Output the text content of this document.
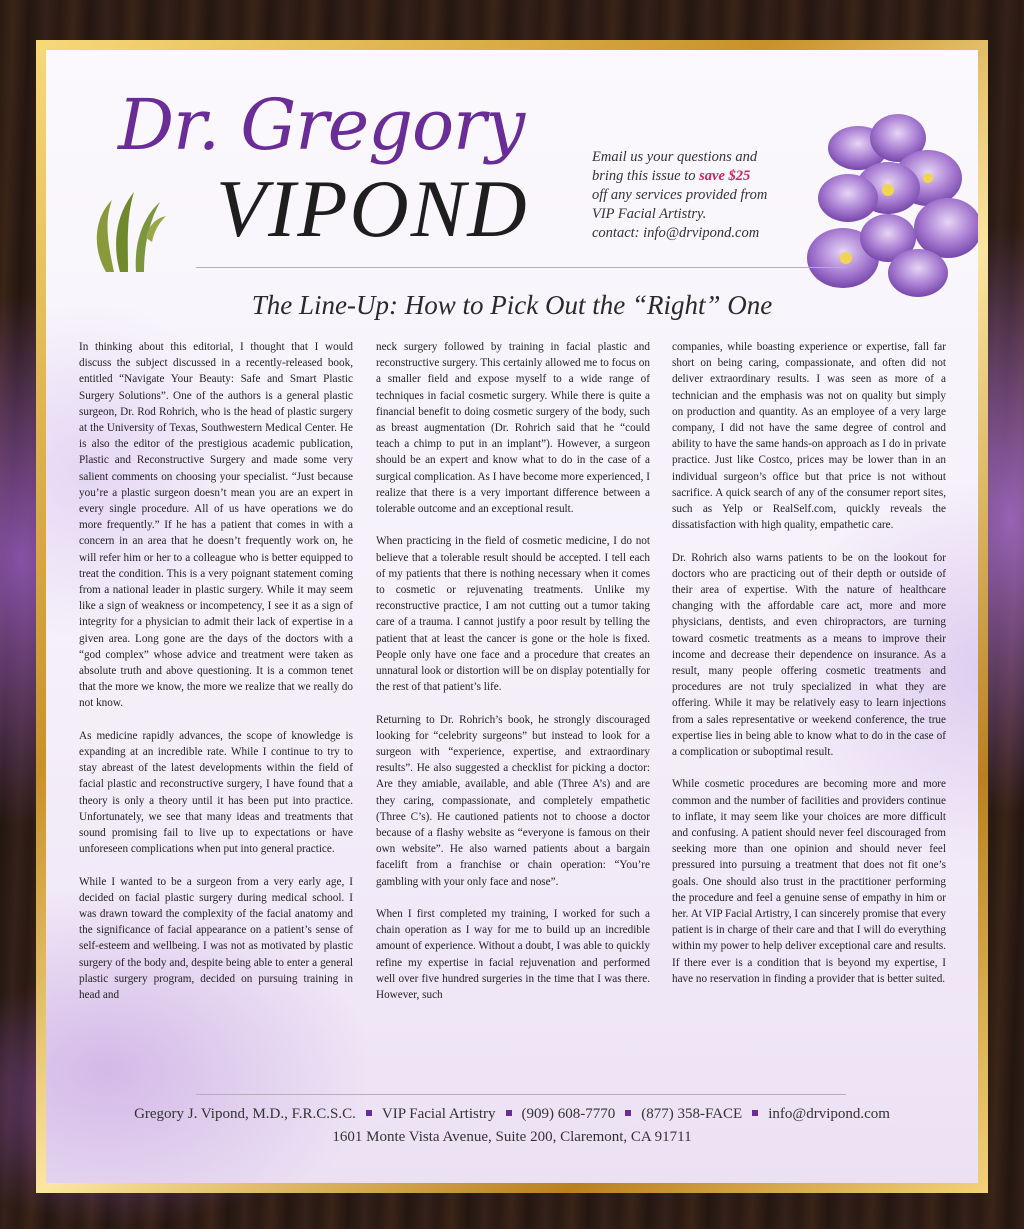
Dr. Gregory
VIPOND
Email us your questions and
bring this issue to save $25
off any services provided from
VIP Facial Artistry.
contact: info@drvipond.com
The Line-Up: How to Pick Out the “Right” One

In thinking about this editorial, I thought that I would discuss the subject discussed in a recently-released book, entitled “Navigate Your Beauty: Safe and Smart Plastic Surgery Solutions”. One of the authors is a general plastic surgeon, Dr. Rod Rohrich, who is the head of plastic surgery at the University of Texas, Southwestern Medical Center. He is also the editor of the prestigious academic publication, Plastic and Reconstructive Surgery and made some very salient comments on choosing your specialist. “Just because you’re a plastic surgeon doesn’t mean you are an expert in every single procedure. All of us have operations we do more frequently.” If he has a patient that comes in with a concern in an area that he doesn’t frequently work on, he will refer him or her to a colleague who is better equipped to treat the condition. This is a very poignant statement coming from a national leader in plastic surgery. While it may seem like a sign of weakness or incompetency, I see it as a sign of integrity for a physician to admit their lack of expertise in a given area. Long gone are the days of the doctors with a “god complex” whose advice and treatment were taken as absolute truth and above questioning. It is a common tenet that the more we know, the more we realize that we really do not know.

As medicine rapidly advances, the scope of knowledge is expanding at an incredible rate. While I continue to try to stay abreast of the latest developments within the field of facial plastic and reconstructive surgery, I have found that a theory is only a theory until it has been put into practice. Unfortunately, we see that many ideas and treatments that sound promising fail to live up to expectations or have unforeseen complications when put into general practice.

While I wanted to be a surgeon from a very early age, I decided on facial plastic surgery during medical school. I was drawn toward the complexity of the facial anatomy and the significance of facial appearance on a patient’s sense of self-esteem and wellbeing. I was not as motivated by plastic surgery of the body and, despite being able to enter a general plastic surgery program, decided on pursuing training in head and

neck surgery followed by training in facial plastic and reconstructive surgery. This certainly allowed me to focus on a smaller field and expose myself to a wide range of techniques in facial cosmetic surgery. While there is quite a financial benefit to doing cosmetic surgery of the body, such as breast augmentation (Dr. Rohrich said that he “could teach a chimp to put in an implant”). However, a surgeon should be an expert and know what to do in the case of a surgical complication. As I have become more experienced, I realize that there is a very important difference between a tolerable outcome and an exceptional result.

When practicing in the field of cosmetic medicine, I do not believe that a tolerable result should be accepted. I tell each of my patients that there is nothing necessary when it comes to cosmetic or rejuvenating treatments. Unlike my reconstructive practice, I am not cutting out a tumor taking care of a trauma. I cannot justify a poor result by telling the patient that at least the cancer is gone or the hole is fixed. People only have one face and a procedure that creates an unnatural look or distortion will be on display potentially for the rest of that patient’s life.

Returning to Dr. Rohrich’s book, he strongly discouraged looking for “celebrity surgeons” but instead to look for a surgeon with “experience, expertise, and extraordinary results”. He also suggested a checklist for picking a doctor: Are they amiable, available, and able (Three A’s) and are they caring, compassionate, and completely empathetic (Three C’s). He cautioned patients not to choose a doctor because of a flashy website as “everyone is famous on their own website”. He also warned patients about a bargain facelift from a franchise or chain operation: “You’re gambling with your only face and nose”.

When I first completed my training, I worked for such a chain operation as I way for me to build up an incredible amount of experience. Without a doubt, I was able to quickly refine my expertise in facial rejuvenation and performed well over five hundred surgeries in the time that I was there. However, such

companies, while boasting experience or expertise, fall far short on being caring, compassionate, and often did not deliver extraordinary results. I was seen as more of a technician and the emphasis was not on quality but simply on production and quantity. As an employee of a very large company, I did not have the same degree of control and ability to have the same hands-on approach as I do in private practice. Just like Costco, prices may be lower than in an individual surgeon’s office but that price is not without sacrifice. A quick search of any of the consumer report sites, such as Yelp or RealSelf.com, quickly reveals the dissatisfaction with high quality, empathetic care.

Dr. Rohrich also warns patients to be on the lookout for doctors who are practicing out of their depth or outside of their area of expertise. With the nature of healthcare changing with the affordable care act, more and more physicians, dentists, and even chiropractors, are turning toward cosmetic treatments as a means to improve their income and decrease their dependence on insurance. As a result, many people offering cosmetic treatments and procedures are not truly specialized in what they are offering. While it may be relatively easy to learn injections from a sales representative or weekend conference, the true expertise lies in being able to know what to do in the case of a complication or suboptimal result.

While cosmetic procedures are becoming more and more common and the number of facilities and providers continue to inflate, it may seem like your choices are more difficult and confusing. A patient should never feel discouraged from seeking more than one opinion and should never feel pressured into pursuing a treatment that does not fit one’s goals. One should also trust in the practitioner performing the procedure and feel a genuine sense of empathy in him or her. At VIP Facial Artistry, I can sincerely promise that every patient is in charge of their care and that I will do everything within my power to help deliver exceptional care and results. If there ever is a condition that is beyond my expertise, I have no reservation in finding a provider that is better suited.

Gregory J. Vipond, M.D., F.R.C.S.C. VIP Facial Artistry (909) 608-7770 (877) 358-FACE info@drvipond.com
1601 Monte Vista Avenue, Suite 200, Claremont, CA 91711
